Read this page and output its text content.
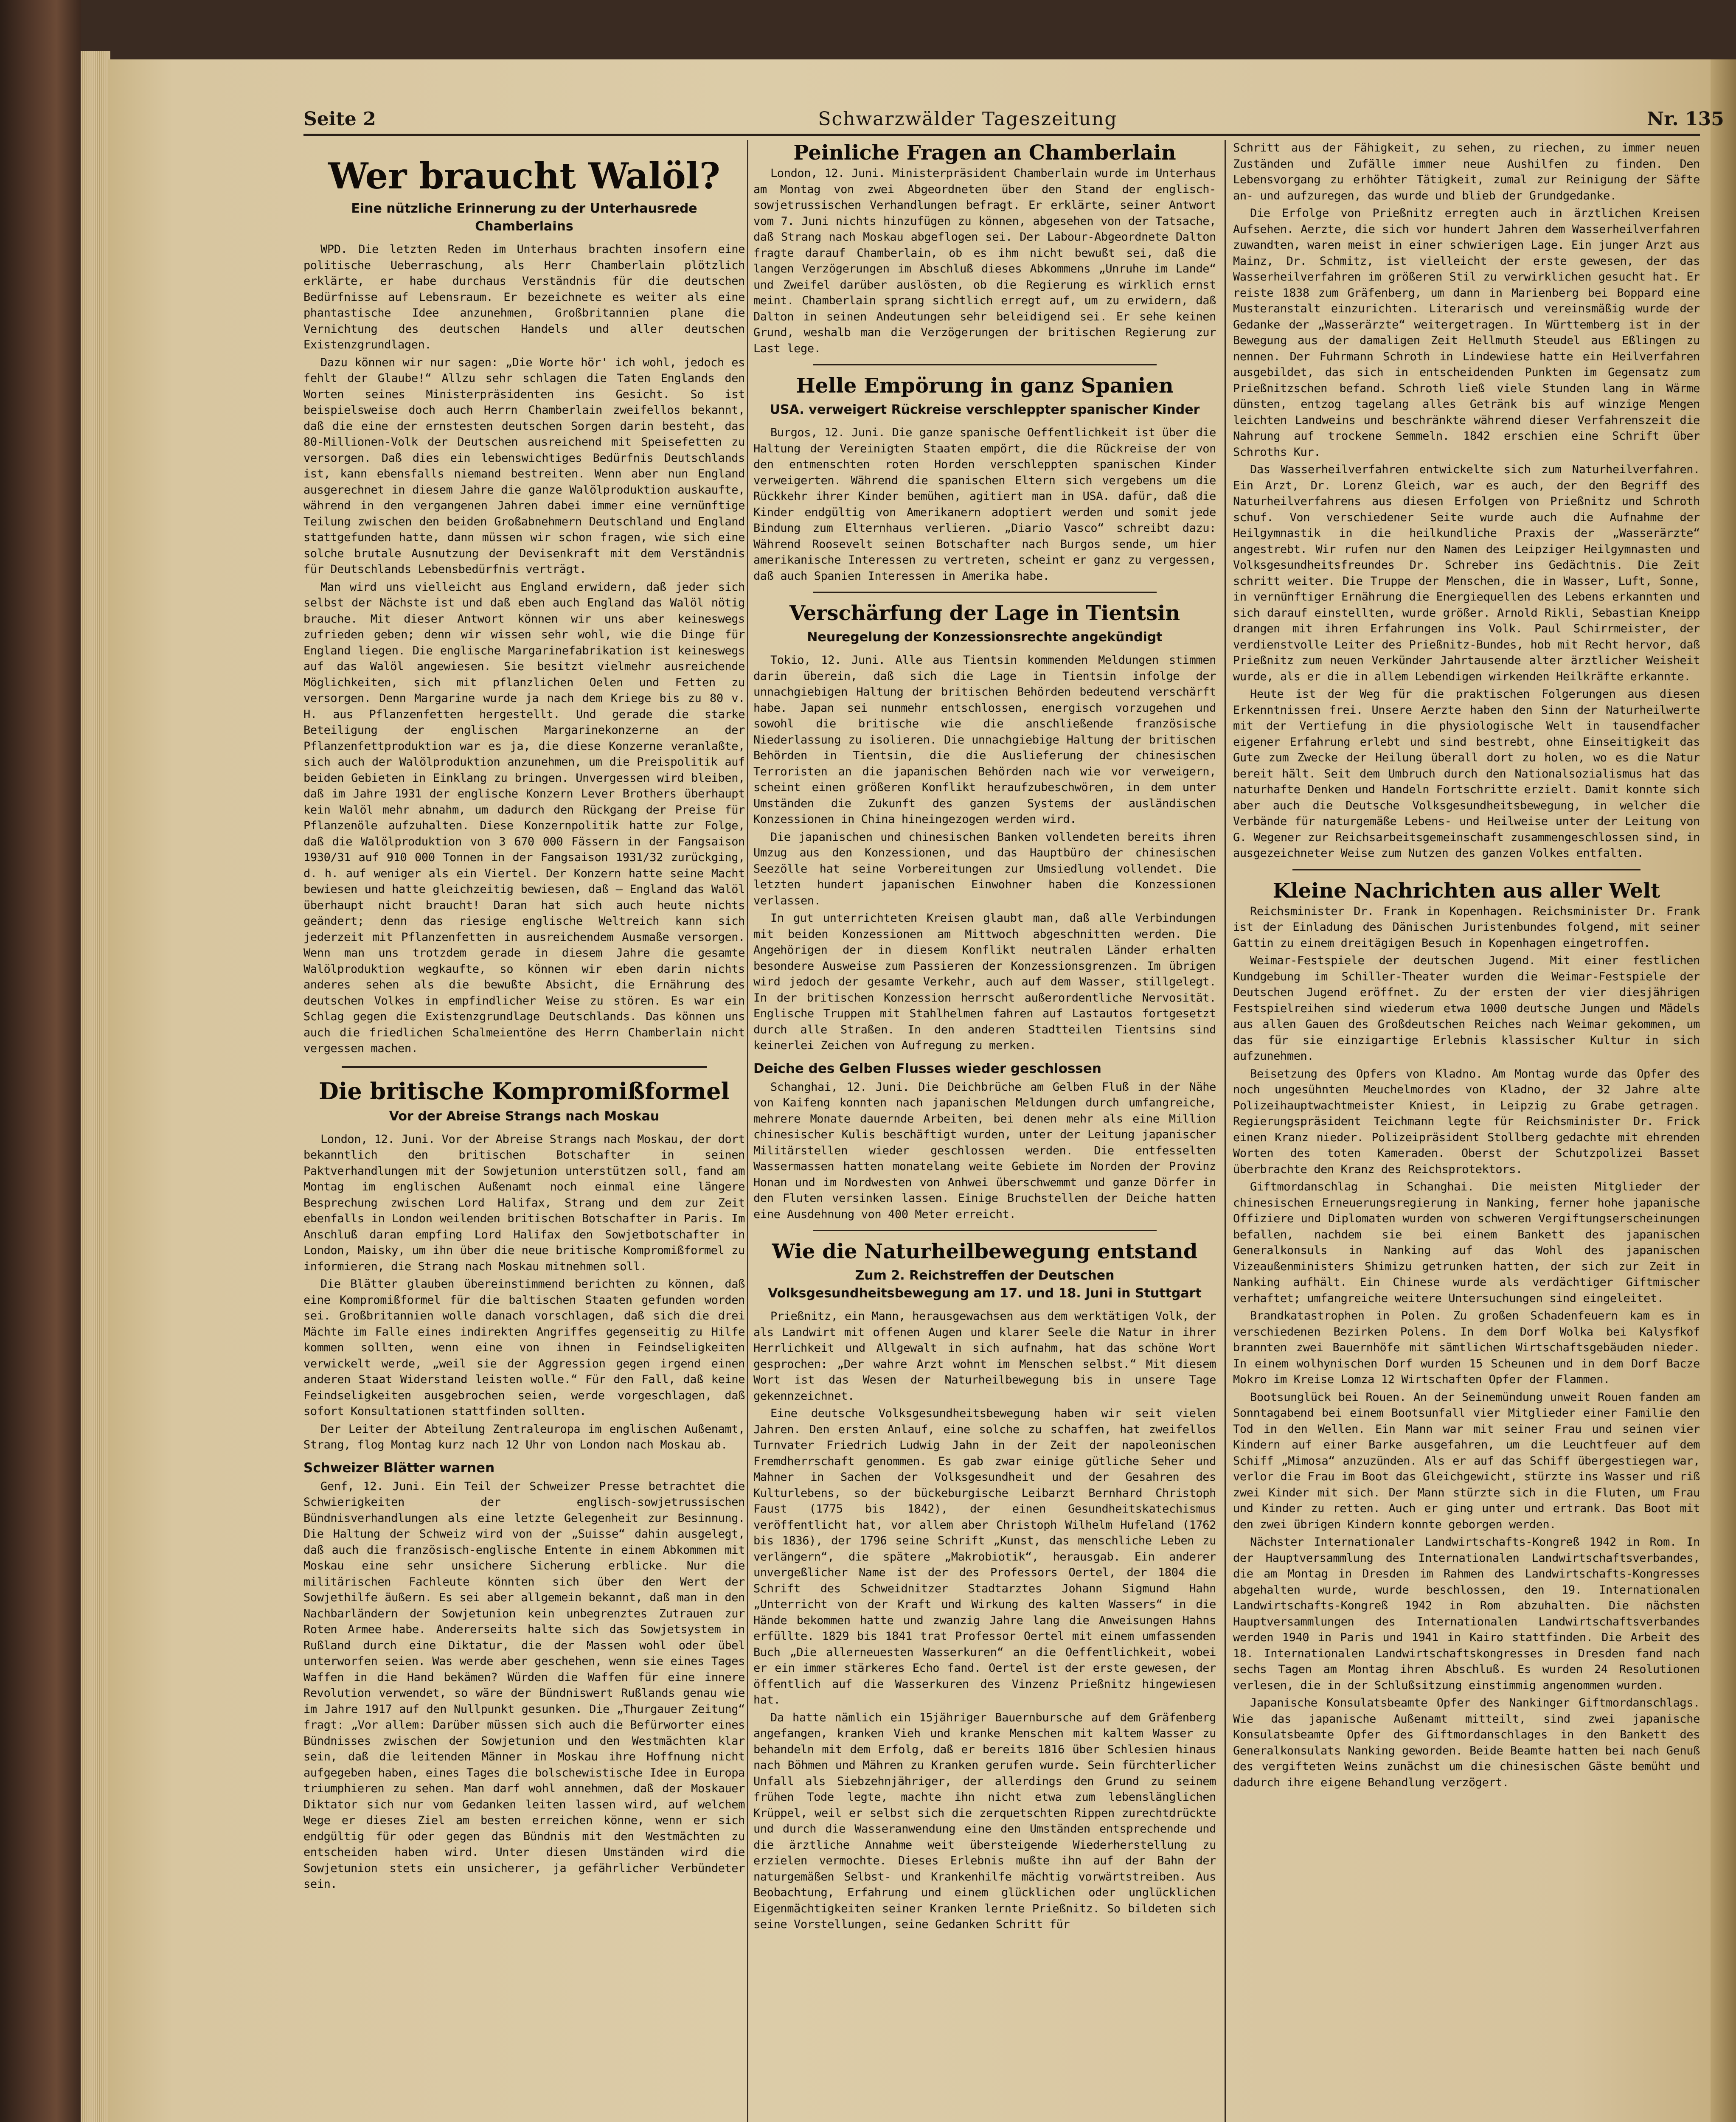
Seite 2	Schwarzwälder Tageszeitung	Nr. 135
Wer braucht Walöl?
Eine nützliche Erinnerung zu der Unterhausrede Chamberlains

WPD. Die letzten Reden im Unterhaus brachten insofern eine politische Ueberraschung, als Herr Chamberlain plötzlich erklärte, er habe durchaus Verständnis für die deutschen Bedürfnisse auf Lebensraum. Er bezeichnete es weiter als eine phantastische Idee anzunehmen, Großbritannien plane die Vernichtung des deutschen Handels und aller deutschen Existenzgrundlagen.

Dazu können wir nur sagen: „Die Worte hör' ich wohl, jedoch es fehlt der Glaube!“ Allzu sehr schlagen die Taten Englands den Worten seines Ministerpräsidenten ins Gesicht. So ist beispielsweise doch auch Herrn Chamberlain zweifellos bekannt, daß die eine der ernstesten deutschen Sorgen darin besteht, das 80-Millionen-Volk der Deutschen ausreichend mit Speisefetten zu versorgen. Daß dies ein lebenswichtiges Bedürfnis Deutschlands ist, kann ebensfalls niemand bestreiten. Wenn aber nun England ausgerechnet in diesem Jahre die ganze Walölproduktion auskaufte, während in den vergangenen Jahren dabei immer eine vernünftige Teilung zwischen den beiden Großabnehmern Deutschland und England stattgefunden hatte, dann müssen wir schon fragen, wie sich eine solche brutale Ausnutzung der Devisenkraft mit dem Verständnis für Deutschlands Lebensbedürfnis verträgt.

Man wird uns vielleicht aus England erwidern, daß jeder sich selbst der Nächste ist und daß eben auch England das Walöl nötig brauche. Mit dieser Antwort können wir uns aber keineswegs zufrieden geben; denn wir wissen sehr wohl, wie die Dinge für England liegen. Die englische Margarinefabrikation ist keineswegs auf das Walöl angewiesen. Sie besitzt vielmehr ausreichende Möglichkeiten, sich mit pflanzlichen Oelen und Fetten zu versorgen. Denn Margarine wurde ja nach dem Kriege bis zu 80 v. H. aus Pflanzenfetten hergestellt. Und gerade die starke Beteiligung der englischen Margarinekonzerne an der Pflanzenfettproduktion war es ja, die diese Konzerne veranlaßte, sich auch der Walölproduktion anzunehmen, um die Preispolitik auf beiden Gebieten in Einklang zu bringen. Unvergessen wird bleiben, daß im Jahre 1931 der englische Konzern Lever Brothers überhaupt kein Walöl mehr abnahm, um dadurch den Rückgang der Preise für Pflanzenöle aufzuhalten. Diese Konzernpolitik hatte zur Folge, daß die Walölproduktion von 3 670 000 Fässern in der Fangsaison 1930/31 auf 910 000 Tonnen in der Fangsaison 1931/32 zurückging, d. h. auf weniger als ein Viertel. Der Konzern hatte seine Macht bewiesen und hatte gleichzeitig bewiesen, daß — England das Walöl überhaupt nicht braucht! Daran hat sich auch heute nichts geändert; denn das riesige englische Weltreich kann sich jederzeit mit Pflanzenfetten in ausreichendem Ausmaße versorgen. Wenn man uns trotzdem gerade in diesem Jahre die gesamte Walölproduktion wegkaufte, so können wir eben darin nichts anderes sehen als die bewußte Absicht, die Ernährung des deutschen Volkes in empfindlicher Weise zu stören. Es war ein Schlag gegen die Existenzgrundlage Deutschlands. Das können uns auch die friedlichen Schalmeientöne des Herrn Chamberlain nicht vergessen machen.

Die britische Kompromißformel
Vor der Abreise Strangs nach Moskau

London, 12. Juni. Vor der Abreise Strangs nach Moskau, der dort bekanntlich den britischen Botschafter in seinen Paktverhandlungen mit der Sowjetunion unterstützen soll, fand am Montag im englischen Außenamt noch einmal eine längere Besprechung zwischen Lord Halifax, Strang und dem zur Zeit ebenfalls in London weilenden britischen Botschafter in Paris. Im Anschluß daran empfing Lord Halifax den Sowjetbotschafter in London, Maisky, um ihn über die neue britische Kompromißformel zu informieren, die Strang nach Moskau mitnehmen soll.

Die Blätter glauben übereinstimmend berichten zu können, daß eine Kompromißformel für die baltischen Staaten gefunden worden sei. Großbritannien wolle danach vorschlagen, daß sich die drei Mächte im Falle eines indirekten Angriffes gegenseitig zu Hilfe kommen sollten, wenn eine von ihnen in Feindseligkeiten verwickelt werde, „weil sie der Aggression gegen irgend einen anderen Staat Widerstand leisten wolle.“ Für den Fall, daß keine Feindseligkeiten ausgebrochen seien, werde vorgeschlagen, daß sofort Konsultationen stattfinden sollten.

Der Leiter der Abteilung Zentraleuropa im englischen Außenamt, Strang, flog Montag kurz nach 12 Uhr von London nach Moskau ab.

Schweizer Blätter warnen

Genf, 12. Juni. Ein Teil der Schweizer Presse betrachtet die Schwierigkeiten der englisch-sowjetrussischen Bündnisverhandlungen als eine letzte Gelegenheit zur Besinnung. Die Haltung der Schweiz wird von der „Suisse“ dahin ausgelegt, daß auch die französisch-englische Entente in einem Abkommen mit Moskau eine sehr unsichere Sicherung erblicke. Nur die militärischen Fachleute könnten sich über den Wert der Sowjethilfe äußern. Es sei aber allgemein bekannt, daß man in den Nachbarländern der Sowjetunion kein unbegrenztes Zutrauen zur Roten Armee habe. Andererseits halte sich das Sowjetsystem in Rußland durch eine Diktatur, die der Massen wohl oder übel unterworfen seien. Was werde aber geschehen, wenn sie eines Tages Waffen in die Hand bekämen? Würden die Waffen für eine innere Revolution verwendet, so wäre der Bündniswert Rußlands genau wie im Jahre 1917 auf den Nullpunkt gesunken. Die „Thurgauer Zeitung“ fragt: „Vor allem: Darüber müssen sich auch die Befürworter eines Bündnisses zwischen der Sowjetunion und den Westmächten klar sein, daß die leitenden Männer in Moskau ihre Hoffnung nicht aufgegeben haben, eines Tages die bolschewistische Idee in Europa triumphieren zu sehen. Man darf wohl annehmen, daß der Moskauer Diktator sich nur vom Gedanken leiten lassen wird, auf welchem Wege er dieses Ziel am besten erreichen könne, wenn er sich endgültig für oder gegen das Bündnis mit den Westmächten zu entscheiden haben wird. Unter diesen Umständen wird die Sowjetunion stets ein unsicherer, ja gefährlicher Verbündeter sein.

Peinliche Fragen an Chamberlain

London, 12. Juni. Ministerpräsident Chamberlain wurde im Unterhaus am Montag von zwei Abgeordneten über den Stand der englisch-sowjetrussischen Verhandlungen befragt. Er erklärte, seiner Antwort vom 7. Juni nichts hinzufügen zu können, abgesehen von der Tatsache, daß Strang nach Moskau abgeflogen sei. Der Labour-Abgeordnete Dalton fragte darauf Chamberlain, ob es ihm nicht bewußt sei, daß die langen Verzögerungen im Abschluß dieses Abkommens „Unruhe im Lande“ und Zweifel darüber auslösten, ob die Regierung es wirklich ernst meint. Chamberlain sprang sichtlich erregt auf, um zu erwidern, daß Dalton in seinen Andeutungen sehr beleidigend sei. Er sehe keinen Grund, weshalb man die Verzögerungen der britischen Regierung zur Last lege.

Helle Empörung in ganz Spanien
USA. verweigert Rückreise verschleppter spanischer Kinder

Burgos, 12. Juni. Die ganze spanische Oeffentlichkeit ist über die Haltung der Vereinigten Staaten empört, die die Rückreise der von den entmenschten roten Horden verschleppten spanischen Kinder verweigerten. Während die spanischen Eltern sich vergebens um die Rückkehr ihrer Kinder bemühen, agitiert man in USA. dafür, daß die Kinder endgültig von Amerikanern adoptiert werden und somit jede Bindung zum Elternhaus verlieren. „Diario Vasco“ schreibt dazu: Während Roosevelt seinen Botschafter nach Burgos sende, um hier amerikanische Interessen zu vertreten, scheint er ganz zu vergessen, daß auch Spanien Interessen in Amerika habe.

Verschärfung der Lage in Tientsin
Neuregelung der Konzessionsrechte angekündigt

Tokio, 12. Juni. Alle aus Tientsin kommenden Meldungen stimmen darin überein, daß sich die Lage in Tientsin infolge der unnachgiebigen Haltung der britischen Behörden bedeutend verschärft habe. Japan sei nunmehr entschlossen, energisch vorzugehen und sowohl die britische wie die anschließende französische Niederlassung zu isolieren. Die unnachgiebige Haltung der britischen Behörden in Tientsin, die die Auslieferung der chinesischen Terroristen an die japanischen Behörden nach wie vor verweigern, scheint einen größeren Konflikt heraufzubeschwören, in dem unter Umständen die Zukunft des ganzen Systems der ausländischen Konzessionen in China hineingezogen werden wird.

Die japanischen und chinesischen Banken vollendeten bereits ihren Umzug aus den Konzessionen, und das Hauptbüro der chinesischen Seezölle hat seine Vorbereitungen zur Umsiedlung vollendet. Die letzten hundert japanischen Einwohner haben die Konzessionen verlassen.

In gut unterrichteten Kreisen glaubt man, daß alle Verbindungen mit beiden Konzessionen am Mittwoch abgeschnitten werden. Die Angehörigen der in diesem Konflikt neutralen Länder erhalten besondere Ausweise zum Passieren der Konzessionsgrenzen. Im übrigen wird jedoch der gesamte Verkehr, auch auf dem Wasser, stillgelegt. In der britischen Konzession herrscht außerordentliche Nervosität. Englische Truppen mit Stahlhelmen fahren auf Lastautos fortgesetzt durch alle Straßen. In den anderen Stadtteilen Tientsins sind keinerlei Zeichen von Aufregung zu merken.

Deiche des Gelben Flusses wieder geschlossen

Schanghai, 12. Juni. Die Deichbrüche am Gelben Fluß in der Nähe von Kaifeng konnten nach japanischen Meldungen durch umfangreiche, mehrere Monate dauernde Arbeiten, bei denen mehr als eine Million chinesischer Kulis beschäftigt wurden, unter der Leitung japanischer Militärstellen wieder geschlossen werden. Die entfesselten Wassermassen hatten monatelang weite Gebiete im Norden der Provinz Honan und im Nordwesten von Anhwei überschwemmt und ganze Dörfer in den Fluten versinken lassen. Einige Bruchstellen der Deiche hatten eine Ausdehnung von 400 Meter erreicht.

Wie die Naturheilbewegung entstand
Zum 2. Reichstreffen der Deutschen Volksgesundheitsbewegung am 17. und 18. Juni in Stuttgart

Prießnitz, ein Mann, herausgewachsen aus dem werktätigen Volk, der als Landwirt mit offenen Augen und klarer Seele die Natur in ihrer Herrlichkeit und Allgewalt in sich aufnahm, hat das schöne Wort gesprochen: „Der wahre Arzt wohnt im Menschen selbst.“ Mit diesem Wort ist das Wesen der Naturheilbewegung bis in unsere Tage gekennzeichnet.

Eine deutsche Volksgesundheitsbewegung haben wir seit vielen Jahren. Den ersten Anlauf, eine solche zu schaffen, hat zweifellos Turnvater Friedrich Ludwig Jahn in der Zeit der napoleonischen Fremdherrschaft genommen. Es gab zwar einige gütliche Seher und Mahner in Sachen der Volksgesundheit und der Gesahren des Kulturlebens, so der bückeburgische Leibarzt Bernhard Christoph Faust (1775 bis 1842), der einen Gesundheitskatechismus veröffentlicht hat, vor allem aber Christoph Wilhelm Hufeland (1762 bis 1836), der 1796 seine Schrift „Kunst, das menschliche Leben zu verlängern“, die spätere „Makrobiotik“, herausgab. Ein anderer unvergeßlicher Name ist der des Professors Oertel, der 1804 die Schrift des Schweidnitzer Stadtarztes Johann Sigmund Hahn „Unterricht von der Kraft und Wirkung des kalten Wassers“ in die Hände bekommen hatte und zwanzig Jahre lang die Anweisungen Hahns erfüllte. 1829 bis 1841 trat Professor Oertel mit einem umfassenden Buch „Die allerneuesten Wasserkuren“ an die Oeffentlichkeit, wobei er ein immer stärkeres Echo fand. Oertel ist der erste gewesen, der öffentlich auf die Wasserkuren des Vinzenz Prießnitz hingewiesen hat.

Da hatte nämlich ein 15jähriger Bauernbursche auf dem Gräfenberg angefangen, kranken Vieh und kranke Menschen mit kaltem Wasser zu behandeln mit dem Erfolg, daß er bereits 1816 über Schlesien hinaus nach Böhmen und Mähren zu Kranken gerufen wurde. Sein fürchterlicher Unfall als Siebzehnjähriger, der allerdings den Grund zu seinem frühen Tode legte, machte ihn nicht etwa zum lebenslänglichen Krüppel, weil er selbst sich die zerquetschten Rippen zurechtdrückte und durch die Wasseranwendung eine den Umständen entsprechende und die ärztliche Annahme weit übersteigende Wiederherstellung zu erzielen vermochte. Dieses Erlebnis mußte ihn auf der Bahn der naturgemäßen Selbst- und Krankenhilfe mächtig vorwärtstreiben. Aus Beobachtung, Erfahrung und einem glücklichen oder unglücklichen Eigenmächtigkeiten seiner Kranken lernte Prießnitz. So bildeten sich seine Vorstellungen, seine Gedanken Schritt für

Schritt aus der Fähigkeit, zu sehen, zu riechen, zu immer neuen Zuständen und Zufälle immer neue Aushilfen zu finden. Den Lebensvorgang zu erhöhter Tätigkeit, zumal zur Reinigung der Säfte an- und aufzuregen, das wurde und blieb der Grundgedanke.

Die Erfolge von Prießnitz erregten auch in ärztlichen Kreisen Aufsehen. Aerzte, die sich vor hundert Jahren dem Wasserheilverfahren zuwandten, waren meist in einer schwierigen Lage. Ein junger Arzt aus Mainz, Dr. Schmitz, ist vielleicht der erste gewesen, der das Wasserheilverfahren im größeren Stil zu verwirklichen gesucht hat. Er reiste 1838 zum Gräfenberg, um dann in Marienberg bei Boppard eine Musteranstalt einzurichten. Literarisch und vereinsmäßig wurde der Gedanke der „Wasserärzte“ weitergetragen. In Württemberg ist in der Bewegung aus der damaligen Zeit Hellmuth Steudel aus Eßlingen zu nennen. Der Fuhrmann Schroth in Lindewiese hatte ein Heilverfahren ausgebildet, das sich in entscheidenden Punkten im Gegensatz zum Prießnitzschen befand. Schroth ließ viele Stunden lang in Wärme dünsten, entzog tagelang alles Getränk bis auf winzige Mengen leichten Landweins und beschränkte während dieser Verfahrenszeit die Nahrung auf trockene Semmeln. 1842 erschien eine Schrift über Schroths Kur.

Das Wasserheilverfahren entwickelte sich zum Naturheilverfahren. Ein Arzt, Dr. Lorenz Gleich, war es auch, der den Begriff des Naturheilverfahrens aus diesen Erfolgen von Prießnitz und Schroth schuf. Von verschiedener Seite wurde auch die Aufnahme der Heilgymnastik in die heilkundliche Praxis der „Wasserärzte“ angestrebt. Wir rufen nur den Namen des Leipziger Heilgymnasten und Volksgesundheitsfreundes Dr. Schreber ins Gedächtnis. Die Zeit schritt weiter. Die Truppe der Menschen, die in Wasser, Luft, Sonne, in vernünftiger Ernährung die Energiequellen des Lebens erkannten und sich darauf einstellten, wurde größer. Arnold Rikli, Sebastian Kneipp drangen mit ihren Erfahrungen ins Volk. Paul Schirrmeister, der verdienstvolle Leiter des Prießnitz-Bundes, hob mit Recht hervor, daß Prießnitz zum neuen Verkünder Jahrtausende alter ärztlicher Weisheit wurde, als er die in allem Lebendigen wirkenden Heilkräfte erkannte.

Heute ist der Weg für die praktischen Folgerungen aus diesen Erkenntnissen frei. Unsere Aerzte haben den Sinn der Naturheilwerte mit der Vertiefung in die physiologische Welt in tausendfacher eigener Erfahrung erlebt und sind bestrebt, ohne Einseitigkeit das Gute zum Zwecke der Heilung überall dort zu holen, wo es die Natur bereit hält. Seit dem Umbruch durch den Nationalsozialismus hat das naturhafte Denken und Handeln Fortschritte erzielt. Damit konnte sich aber auch die Deutsche Volksgesundheitsbewegung, in welcher die Verbände für naturgemäße Lebens- und Heilweise unter der Leitung von G. Wegener zur Reichsarbeitsgemeinschaft zusammengeschlossen sind, in ausgezeichneter Weise zum Nutzen des ganzen Volkes entfalten.

Kleine Nachrichten aus aller Welt

Reichsminister Dr. Frank in Kopenhagen. Reichsminister Dr. Frank ist der Einladung des Dänischen Juristenbundes folgend, mit seiner Gattin zu einem dreitägigen Besuch in Kopenhagen eingetroffen.

Weimar-Festspiele der deutschen Jugend. Mit einer festlichen Kundgebung im Schiller-Theater wurden die Weimar-Festspiele der Deutschen Jugend eröffnet. Zu der ersten der vier diesjährigen Festspielreihen sind wiederum etwa 1000 deutsche Jungen und Mädels aus allen Gauen des Großdeutschen Reiches nach Weimar gekommen, um das für sie einzigartige Erlebnis klassischer Kultur in sich aufzunehmen.

Beisetzung des Opfers von Kladno. Am Montag wurde das Opfer des noch ungesühnten Meuchelmordes von Kladno, der 32 Jahre alte Polizeihauptwachtmeister Kniest, in Leipzig zu Grabe getragen. Regierungspräsident Teichmann legte für Reichsminister Dr. Frick einen Kranz nieder. Polizeipräsident Stollberg gedachte mit ehrenden Worten des toten Kameraden. Oberst der Schutzpolizei Basset überbrachte den Kranz des Reichsprotektors.

Giftmordanschlag in Schanghai. Die meisten Mitglieder der chinesischen Erneuerungsregierung in Nanking, ferner hohe japanische Offiziere und Diplomaten wurden von schweren Vergiftungserscheinungen befallen, nachdem sie bei einem Bankett des japanischen Generalkonsuls in Nanking auf das Wohl des japanischen Vizeaußenministers Shimizu getrunken hatten, der sich zur Zeit in Nanking aufhält. Ein Chinese wurde als verdächtiger Giftmischer verhaftet; umfangreiche weitere Untersuchungen sind eingeleitet.

Brandkatastrophen in Polen. Zu großen Schadenfeuern kam es in verschiedenen Bezirken Polens. In dem Dorf Wolka bei Kalysfkof brannten zwei Bauernhöfe mit sämtlichen Wirtschaftsgebäuden nieder. In einem wolhynischen Dorf wurden 15 Scheunen und in dem Dorf Bacze Mokro im Kreise Lomza 12 Wirtschaften Opfer der Flammen.

Bootsunglück bei Rouen. An der Seinemündung unweit Rouen fanden am Sonntagabend bei einem Bootsunfall vier Mitglieder einer Familie den Tod in den Wellen. Ein Mann war mit seiner Frau und seinen vier Kindern auf einer Barke ausgefahren, um die Leuchtfeuer auf dem Schiff „Mimosa“ anzuzünden. Als er auf das Schiff übergestiegen war, verlor die Frau im Boot das Gleichgewicht, stürzte ins Wasser und riß zwei Kinder mit sich. Der Mann stürzte sich in die Fluten, um Frau und Kinder zu retten. Auch er ging unter und ertrank. Das Boot mit den zwei übrigen Kindern konnte geborgen werden.

Nächster Internationaler Landwirtschafts-Kongreß 1942 in Rom. In der Hauptversammlung des Internationalen Landwirtschaftsverbandes, die am Montag in Dresden im Rahmen des Landwirtschafts-Kongresses abgehalten wurde, wurde beschlossen, den 19. Internationalen Landwirtschafts-Kongreß 1942 in Rom abzuhalten. Die nächsten Hauptversammlungen des Internationalen Landwirtschaftsverbandes werden 1940 in Paris und 1941 in Kairo stattfinden. Die Arbeit des 18. Internationalen Landwirtschaftskongresses in Dresden fand nach sechs Tagen am Montag ihren Abschluß. Es wurden 24 Resolutionen verlesen, die in der Schlußsitzung einstimmig angenommen wurden.

Japanische Konsulatsbeamte Opfer des Nankinger Giftmordanschlags. Wie das japanische Außenamt mitteilt, sind zwei japanische Konsulatsbeamte Opfer des Giftmordanschlages in den Bankett des Generalkonsulats Nanking geworden. Beide Beamte hatten bei nach Genuß des vergifteten Weins zunächst um die chinesischen Gäste bemüht und dadurch ihre eigene Behandlung verzögert.
